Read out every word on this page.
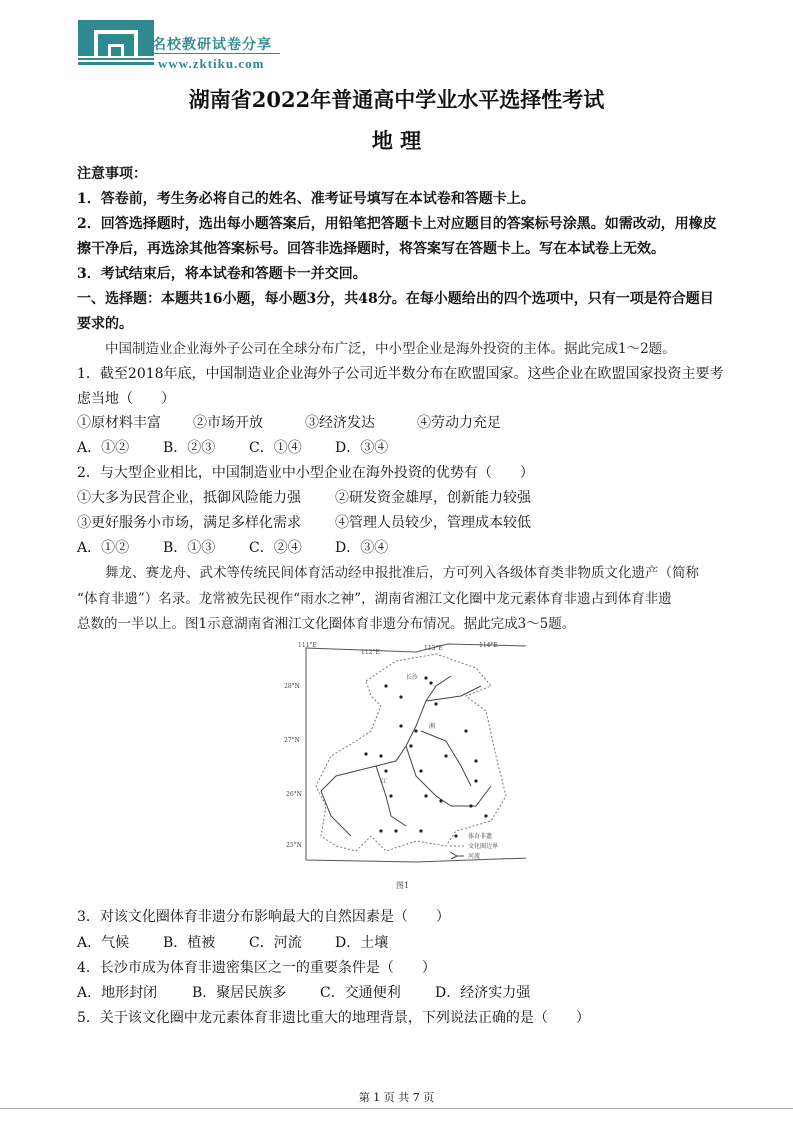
名校教研试卷分享
www.zktiku.com
湖南省2022年普通高中学业水平选择性考试
地 理
注意事项：
1．答卷前，考生务必将自己的姓名、准考证号填写在本试卷和答题卡上。
2．回答选择题时，选出每小题答案后，用铅笔把答题卡上对应题目的答案标号涂黑。如需改动，用橡皮
擦干净后，再选涂其他答案标号。回答非选择题时，将答案写在答题卡上。写在本试卷上无效。
3．考试结束后，将本试卷和答题卡一并交回。
一、选择题：本题共16小题，每小题3分，共48分。在每小题给出的四个选项中，只有一项是符合题目
要求的。
中国制造业企业海外子公司在全球分布广泛，中小型企业是海外投资的主体。据此完成1～2题。
1．截至2018年底，中国制造业企业海外子公司近半数分布在欧盟国家。这些企业在欧盟国家投资主要考
虑当地（　　）
①原材料丰富 ②市场开放	③经济发达	④劳动力充足
A．①② B．②③ C．①④ D．③④
2．与大型企业相比，中国制造业中小型企业在海外投资的优势有（　　）
①大多为民营企业，抵御风险能力强 ②研发资金雄厚，创新能力较强
③更好服务小市场，满足多样化需求 ④管理人员较少，管理成本较低
A．①② B．①③ C．②④ D．③④
舞龙、赛龙舟、武术等传统民间体育活动经申报批准后，方可列入各级体育类非物质文化遗产（简称
“体育非遗”）名录。龙常被先民视作“雨水之神”，湖南省湘江文化圈中龙元素体育非遗占到体育非遗
总数的一半以上。图1示意湖南省湘江文化圈体育非遗分布情况。据此完成3～5题。
111°E
112°E
113°E	114°E
28°N
27°N
26°N
25°N
长沙
湘
江
体育非遗
文化圈边界
河流
图1
3．对该文化圈体育非遗分布影响最大的自然因素是（　　）
A．气候 B．植被 C．河流 D．土壤
4．长沙市成为体育非遗密集区之一的重要条件是（　　）
A．地形封闭 B．聚居民族多 C．交通便利 D．经济实力强
5．关于该文化圈中龙元素体育非遗比重大的地理背景，下列说法正确的是（　　）
第 1 页 共 7 页
